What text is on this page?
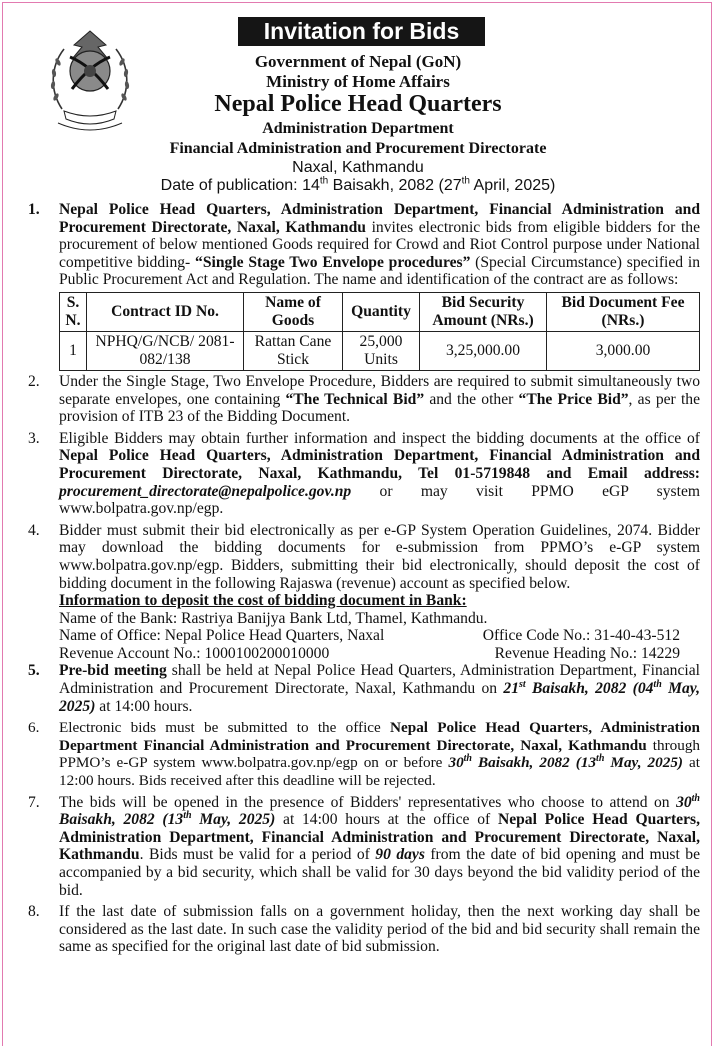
Invitation for Bids
Government of Nepal (GoN)
Ministry of Home Affairs
Nepal Police Head Quarters
Administration Department
Financial Administration and Procurement Directorate
Naxal, Kathmandu
Date of publication: 14th Baisakh, 2082 (27th April, 2025)
1. Nepal Police Head Quarters, Administration Department, Financial Administration and Procurement Directorate, Naxal, Kathmandu invites electronic bids from eligible bidders for the procurement of below mentioned Goods required for Crowd and Riot Control purpose under National competitive bidding- “Single Stage Two Envelope procedures” (Special Circumstance) specified in Public Procurement Act and Regulation. The name and identification of the contract are as follows:
S. N.	Contract ID No.	Name of Goods	Quantity	Bid Security Amount (NRs.)	Bid Document Fee (NRs.)
1	NPHQ/G/NCB/ 2081-082/138	Rattan Cane Stick	25,000 Units	3,25,000.00	3,000.00
2. Under the Single Stage, Two Envelope Procedure, Bidders are required to submit simultaneously two separate envelopes, one containing “The Technical Bid” and the other “The Price Bid”, as per the provision of ITB 23 of the Bidding Document.
3. Eligible Bidders may obtain further information and inspect the bidding documents at the office of Nepal Police Head Quarters, Administration Department, Financial Administration and Procurement Directorate, Naxal, Kathmandu, Tel 01-5719848 and Email address: procurement_directorate@nepalpolice.gov.np or may visit PPMO eGP system www.bolpatra.gov.np/egp.
4. Bidder must submit their bid electronically as per e-GP System Operation Guidelines, 2074. Bidder may download the bidding documents for e-submission from PPMO’s e-GP system www.bolpatra.gov.np/egp. Bidders, submitting their bid electronically, should deposit the cost of bidding document in the following Rajaswa (revenue) account as specified below.
Information to deposit the cost of bidding document in Bank:
Name of the Bank: Rastriya Banijya Bank Ltd, Thamel, Kathmandu.
Name of Office: Nepal Police Head Quarters, Naxal	Office Code No.: 31-40-43-512
Revenue Account No.: 1000100200010000	Revenue Heading No.: 14229
5. Pre-bid meeting shall be held at Nepal Police Head Quarters, Administration Department, Financial Administration and Procurement Directorate, Naxal, Kathmandu on 21st Baisakh, 2082 (04th May, 2025) at 14:00 hours.
6. Electronic bids must be submitted to the office Nepal Police Head Quarters, Administration Department Financial Administration and Procurement Directorate, Naxal, Kathmandu through PPMO’s e-GP system www.bolpatra.gov.np/egp on or before 30th Baisakh, 2082 (13th May, 2025) at 12:00 hours. Bids received after this deadline will be rejected.
7. The bids will be opened in the presence of Bidders' representatives who choose to attend on 30th Baisakh, 2082 (13th May, 2025) at 14:00 hours at the office of Nepal Police Head Quarters, Administration Department, Financial Administration and Procurement Directorate, Naxal, Kathmandu. Bids must be valid for a period of 90 days from the date of bid opening and must be accompanied by a bid security, which shall be valid for 30 days beyond the bid validity period of the bid.
8. If the last date of submission falls on a government holiday, then the next working day shall be considered as the last date. In such case the validity period of the bid and bid security shall remain the same as specified for the original last date of bid submission.
